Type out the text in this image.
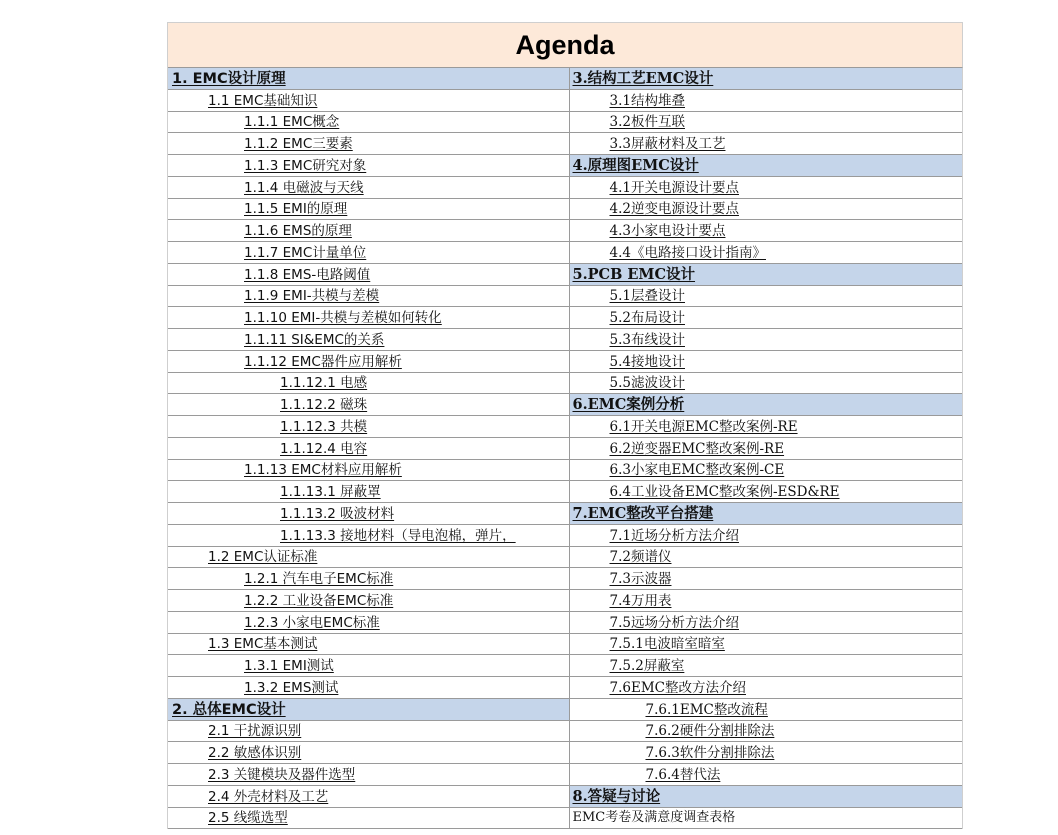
Agenda
1. EMC设计原理
1.1 EMC基础知识
1.1.1 EMC概念
1.1.2 EMC三要素
1.1.3 EMC研究对象
1.1.4 电磁波与天线
1.1.5 EMI的原理
1.1.6 EMS的原理
1.1.7 EMC计量单位
1.1.8 EMS-电路阈值
1.1.9 EMI-共模与差模
1.1.10 EMI-共模与差模如何转化
1.1.11 SI&EMC的关系
1.1.12 EMC器件应用解析
1.1.12.1 电感
1.1.12.2 磁珠
1.1.12.3 共模
1.1.12.4 电容
1.1.13 EMC材料应用解析
1.1.13.1 屏蔽罩
1.1.13.2 吸波材料
1.1.13.3 接地材料（导电泡棉，弹片，
1.2 EMC认证标准
1.2.1 汽车电子EMC标准
1.2.2 工业设备EMC标准
1.2.3 小家电EMC标准
1.3 EMC基本测试
1.3.1 EMI测试
1.3.2 EMS测试
2. 总体EMC设计
2.1 干扰源识别
2.2 敏感体识别
2.3 关键模块及器件选型
2.4 外壳材料及工艺
2.5 线缆选型
3.结构工艺EMC设计
3.1结构堆叠
3.2板件互联
3.3屏蔽材料及工艺
4.原理图EMC设计
4.1开关电源设计要点
4.2逆变电源设计要点
4.3小家电设计要点
4.4《电路接口设计指南》
5.PCB EMC设计
5.1层叠设计
5.2布局设计
5.3布线设计
5.4接地设计
5.5滤波设计
6.EMC案例分析
6.1开关电源EMC整改案例-RE
6.2逆变器EMC整改案例-RE
6.3小家电EMC整改案例-CE
6.4工业设备EMC整改案例-ESD&RE
7.EMC整改平台搭建
7.1近场分析方法介绍
7.2频谱仪
7.3示波器
7.4万用表
7.5远场分析方法介绍
7.5.1电波暗室暗室
7.5.2屏蔽室
7.6EMC整改方法介绍
7.6.1EMC整改流程
7.6.2硬件分割排除法
7.6.3软件分割排除法
7.6.4替代法
8.答疑与讨论
EMC考卷及满意度调查表格
